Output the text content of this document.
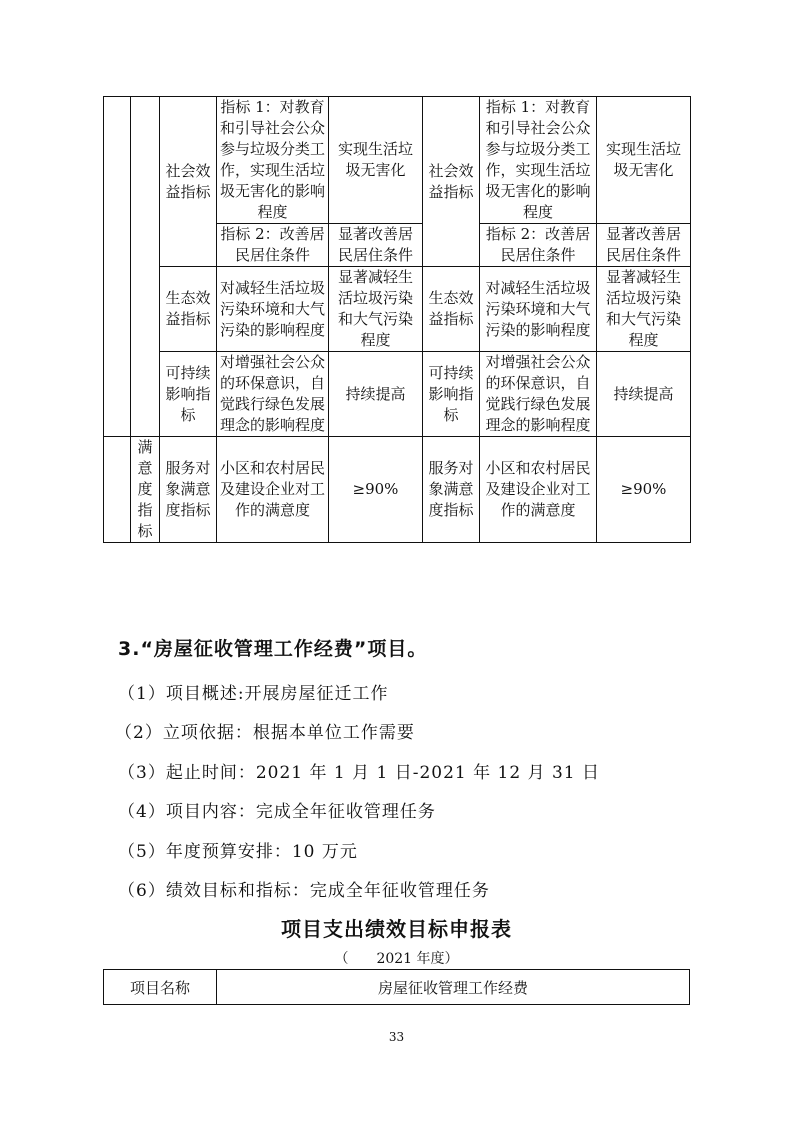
		社会效益指标	指标 1：对教育和引导社会公众参与垃圾分类工作，实现生活垃圾无害化的影响程度	实现生活垃圾无害化	社会效益指标	指标 1：对教育和引导社会公众参与垃圾分类工作，实现生活垃圾无害化的影响程度	实现生活垃圾无害化
			指标 2：改善居民居住条件	显著改善居民居住条件		指标 2：改善居民居住条件	显著改善居民居住条件
		生态效益指标	对减轻生活垃圾污染环境和大气污染的影响程度	显著减轻生活垃圾污染和大气污染程度	生态效益指标	对减轻生活垃圾污染环境和大气污染的影响程度	显著减轻生活垃圾污染和大气污染程度
		可持续影响指标	对增强社会公众的环保意识，自觉践行绿色发展理念的影响程度	持续提高	可持续影响指标	对增强社会公众的环保意识，自觉践行绿色发展理念的影响程度	持续提高
	满意度指标	服务对象满意度指标	小区和农村居民及建设企业对工作的满意度	≥90%	服务对象满意度指标	小区和农村居民及建设企业对工作的满意度	≥90%
3.“房屋征收管理工作经费”项目。
（1）项目概述:开展房屋征迁工作
（2）立项依据：根据本单位工作需要
（3）起止时间：2021 年 1 月 1 日-2021 年 12 月 31 日
（4）项目内容：完成全年征收管理任务
（5）年度预算安排：10 万元
（6）绩效目标和指标：完成全年征收管理任务
项目支出绩效目标申报表
（　　2021 年度）
项目名称	房屋征收管理工作经费
33
